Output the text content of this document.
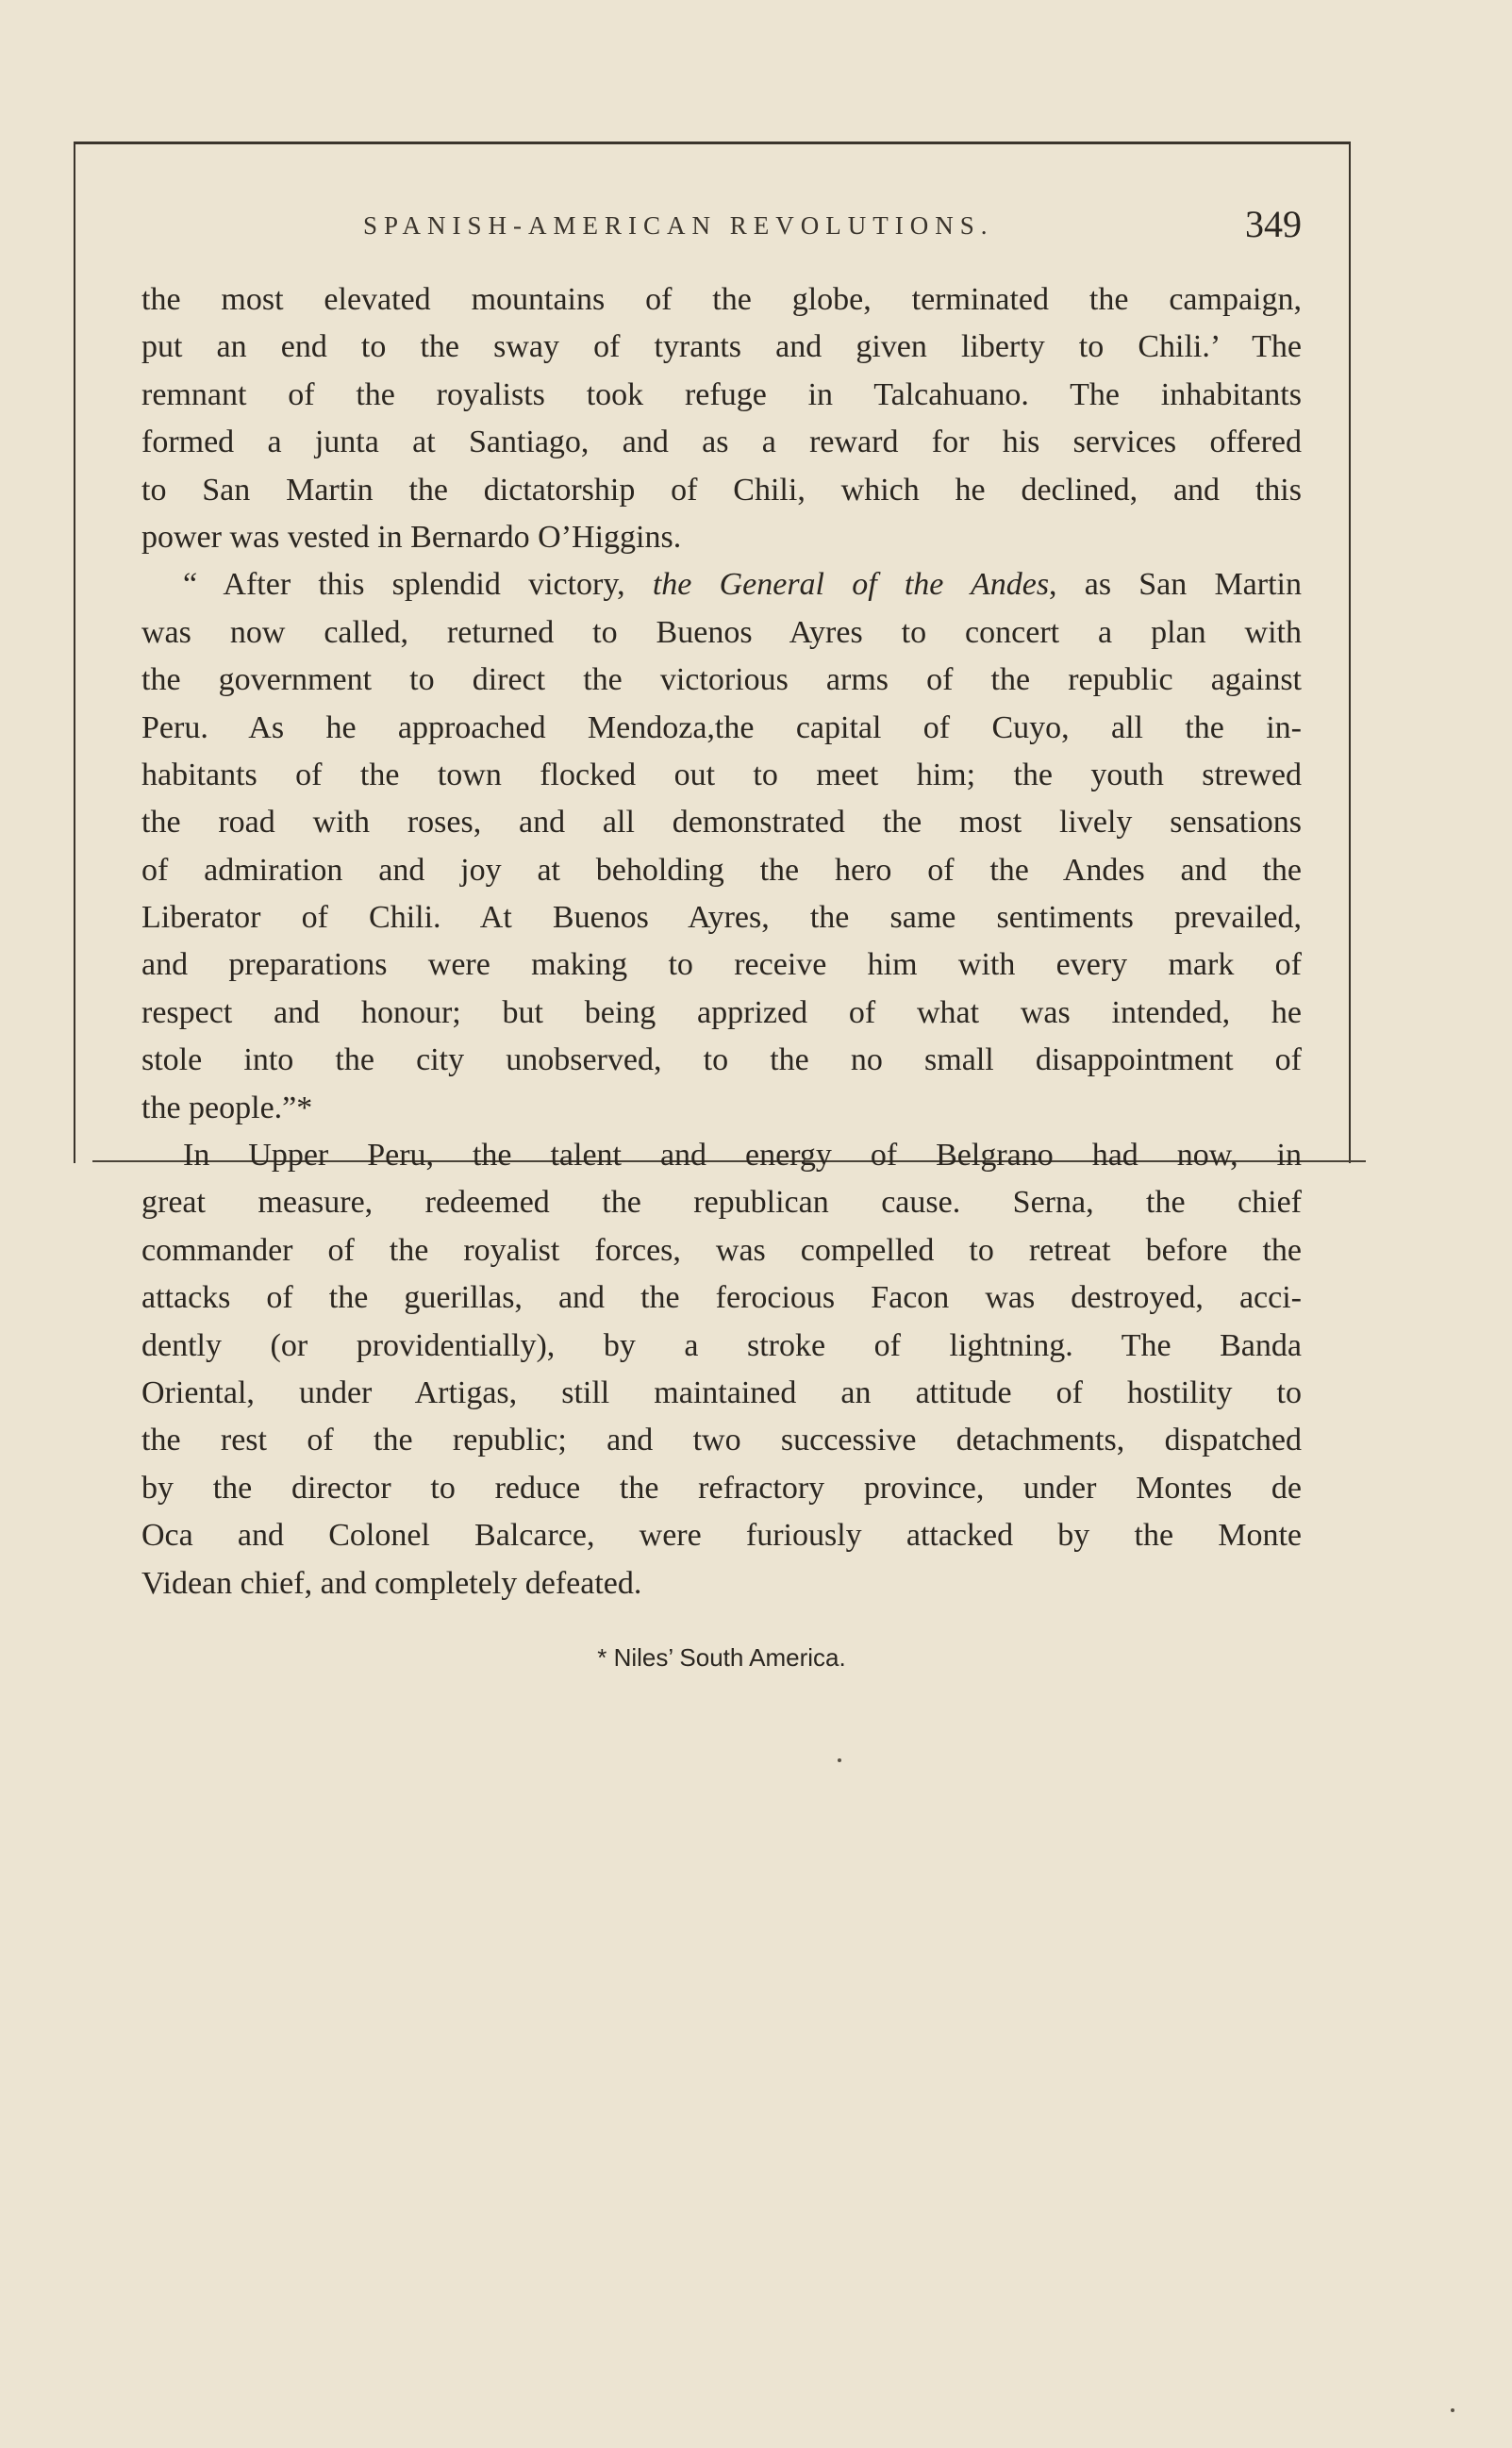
SPANISH-AMERICAN REVOLUTIONS.	349
the most elevated mountains of the globe, terminated the campaign,
put an end to the sway of tyrants and given liberty to Chili.’ The
remnant of the royalists took refuge in Talcahuano. The inhabitants
formed a junta at Santiago, and as a reward for his services offered
to San Martin the dictatorship of Chili, which he declined, and this
power was vested in Bernardo O’Higgins.
“ After this splendid victory, the General of the Andes, as San Martin
was now called, returned to Buenos Ayres to concert a plan with
the government to direct the victorious arms of the republic against
Peru. As he approached Mendoza,the capital of Cuyo, all the in-
habitants of the town flocked out to meet him; the youth strewed
the road with roses, and all demonstrated the most lively sensations
of admiration and joy at beholding the hero of the Andes and the
Liberator of Chili. At Buenos Ayres, the same sentiments prevailed,
and preparations were making to receive him with every mark of
respect and honour; but being apprized of what was intended, he
stole into the city unobserved, to the no small disappointment of
the people.”*
In Upper Peru, the talent and energy of Belgrano had now, in
great measure, redeemed the republican cause. Serna, the chief
commander of the royalist forces, was compelled to retreat before the
attacks of the guerillas, and the ferocious Facon was destroyed, acci-
dently (or providentially), by a stroke of lightning. The Banda
Oriental, under Artigas, still maintained an attitude of hostility to
the rest of the republic; and two successive detachments, dispatched
by the director to reduce the refractory province, under Montes de
Oca and Colonel Balcarce, were furiously attacked by the Monte
Videan chief, and completely defeated.
* Niles’ South America.
